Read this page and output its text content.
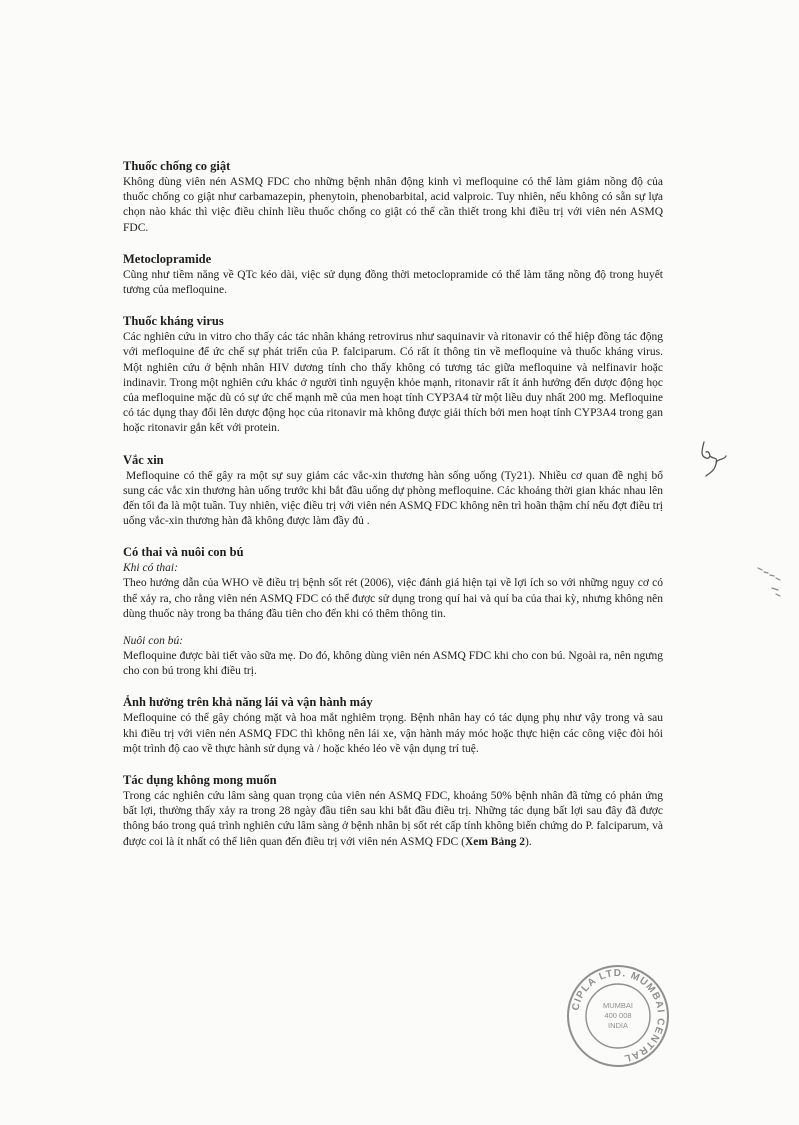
Thuốc chống co giật

Không dùng viên nén ASMQ FDC cho những bệnh nhân động kinh vì mefloquine có thể làm giảm nồng độ của thuốc chống co giật như carbamazepin, phenytoin, phenobarbital, acid valproic. Tuy nhiên, nếu không có sẵn sự lựa chọn nào khác thì việc điều chỉnh liều thuốc chống co giật có thể cần thiết trong khi điều trị với viên nén ASMQ FDC.

Metoclopramide

Cũng như tiềm năng về QTc kéo dài, việc sử dụng đồng thời metoclopramide có thể làm tăng nồng độ trong huyết tương của mefloquine.

Thuốc kháng virus

Các nghiên cứu in vitro cho thấy các tác nhân kháng retrovirus như saquinavir và ritonavir có thể hiệp đồng tác động với mefloquine để ức chế sự phát triển của P. falciparum. Có rất ít thông tin về mefloquine và thuốc kháng virus. Một nghiên cứu ở bệnh nhân HIV dương tính cho thấy không có tương tác giữa mefloquine và nelfinavir hoặc indinavir. Trong một nghiên cứu khác ở người tình nguyện khỏe mạnh, ritonavir rất ít ảnh hưởng đến dược động học của mefloquine mặc dù có sự ức chế mạnh mẽ của men hoạt tính CYP3A4 từ một liều duy nhất 200 mg. Mefloquine có tác dụng thay đổi lên dược động học của ritonavir mà không được giải thích bởi men hoạt tính CYP3A4 trong gan hoặc ritonavir gắn kết với protein.

Vắc xin

Mefloquine có thể gây ra một sự suy giảm các vắc-xin thương hàn sống uống (Ty21). Nhiều cơ quan đề nghị bổ sung các vắc xin thương hàn uống trước khi bắt đầu uống dự phòng mefloquine. Các khoảng thời gian khác nhau lên đến tối đa là một tuần. Tuy nhiên, việc điều trị với viên nén ASMQ FDC không nên trì hoãn thậm chí nếu đợt điều trị uống vắc-xin thương hàn đã không được làm đầy đủ .

Có thai và nuôi con bú
Khi có thai:

Theo hướng dẫn của WHO về điều trị bệnh sốt rét (2006), việc đánh giá hiện tại về lợi ích so với những nguy cơ có thể xảy ra, cho rằng viên nén ASMQ FDC có thể được sử dụng trong quí hai và quí ba của thai kỳ, nhưng không nên dùng thuốc này trong ba tháng đầu tiên cho đến khi có thêm thông tin.

Nuôi con bú:

Mefloquine được bài tiết vào sữa mẹ. Do đó, không dùng viên nén ASMQ FDC khi cho con bú. Ngoài ra, nên ngưng cho con bú trong khi điều trị.

Ảnh hưởng trên khả năng lái và vận hành máy

Mefloquine có thể gây chóng mặt và hoa mắt nghiêm trọng. Bệnh nhân hay có tác dụng phụ như vậy trong và sau khi điều trị với viên nén ASMQ FDC thì không nên lái xe, vận hành máy móc hoặc thực hiện các công việc đòi hỏi một trình độ cao về thực hành sử dụng và / hoặc khéo léo về vận dụng trí tuệ.

Tác dụng không mong muốn

Trong các nghiên cứu lâm sàng quan trọng của viên nén ASMQ FDC, khoảng 50% bệnh nhân đã từng có phản ứng bất lợi, thường thấy xảy ra trong 28 ngày đầu tiên sau khi bắt đầu điều trị. Những tác dụng bất lợi sau đây đã được thông báo trong quá trình nghiên cứu lâm sàng ở bệnh nhân bị sốt rét cấp tính không biến chứng do P. falciparum, và được coi là ít nhất có thể liên quan đến điều trị với viên nén ASMQ FDC (Xem Bảng 2).

CIPLA LTD. MUMBAI CENTRAL
MUMBAI
400 008
INDIA
